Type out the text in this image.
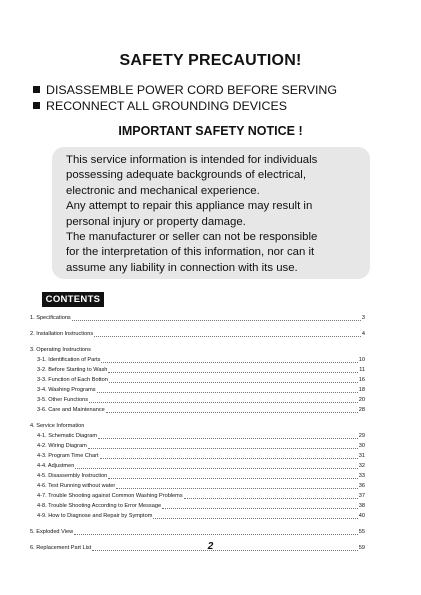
SAFETY PRECAUTION!
DISASSEMBLE POWER CORD BEFORE SERVING
RECONNECT ALL GROUNDING DEVICES
IMPORTANT SAFETY NOTICE !
This service information is intended for individuals
possessing adequate backgrounds of electrical,
electronic and mechanical experience.
Any attempt to repair this appliance may result in
personal injury or property damage.
The manufacturer or seller can not be responsible
for the interpretation of this information, nor can it
assume any liability in connection with its use.
CONTENTS
1. Specifications	3
2. Installation Instructions	4
3. Operating Instructions
3-1. Identification of Parts	10
3-2. Before Starting to Wash	11
3-3. Function of Each Botton	16
3-4. Washing Programs	18
3-5. Other Functions	20
3-6. Care and Maintenance	28
4. Service Information
4-1. Schematic Diagram	29
4-2. Wiring Diagram	30
4-3. Program Time Chart	31
4-4. Adjustmen	32
4-5. Disassembly Instruction	33
4-6. Test Running without water	36
4-7. Trouble Shooting against Common Washing Problems	37
4-8. Trouble Shooting According to Error Message	38
4-9. How to Diagnose and Repair by Symptom	40
5. Exploded View	55
6. Replacement Part List	59
2
